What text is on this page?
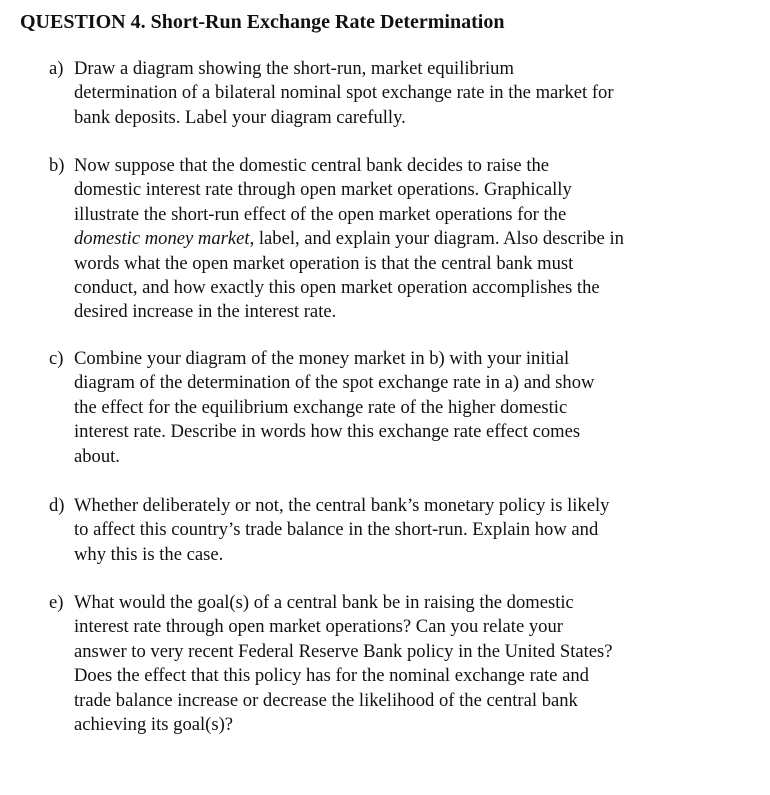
QUESTION 4. Short-Run Exchange Rate Determination
a) Draw a diagram showing the short-run, market equilibrium
determination of a bilateral nominal spot exchange rate in the market for
bank deposits. Label your diagram carefully.
b) Now suppose that the domestic central bank decides to raise the
domestic interest rate through open market operations. Graphically
illustrate the short-run effect of the open market operations for the
domestic money market, label, and explain your diagram. Also describe in
words what the open market operation is that the central bank must
conduct, and how exactly this open market operation accomplishes the
desired increase in the interest rate.
c) Combine your diagram of the money market in b) with your initial
diagram of the determination of the spot exchange rate in a) and show
the effect for the equilibrium exchange rate of the higher domestic
interest rate. Describe in words how this exchange rate effect comes
about.
d) Whether deliberately or not, the central bank’s monetary policy is likely
to affect this country’s trade balance in the short-run. Explain how and
why this is the case.
e) What would the goal(s) of a central bank be in raising the domestic
interest rate through open market operations? Can you relate your
answer to very recent Federal Reserve Bank policy in the United States?
Does the effect that this policy has for the nominal exchange rate and
trade balance increase or decrease the likelihood of the central bank
achieving its goal(s)?
